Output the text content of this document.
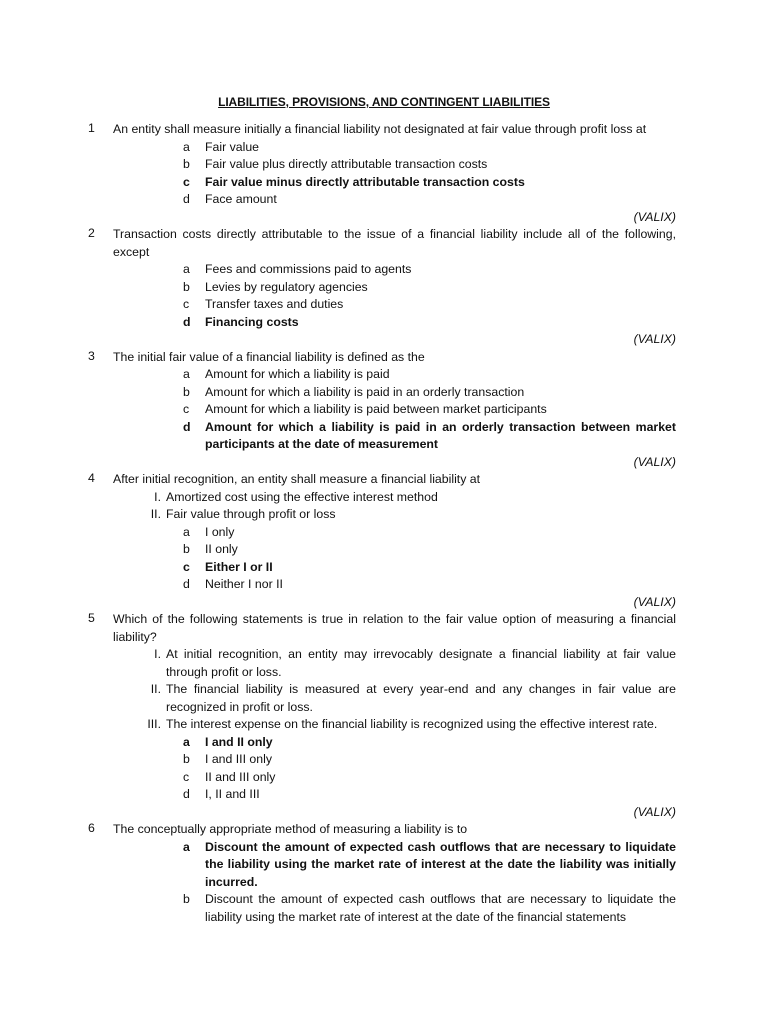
LIABILITIES, PROVISIONS, AND CONTINGENT LIABILITIES
1 An entity shall measure initially a financial liability not designated at fair value through profit loss at
a Fair value
b Fair value plus directly attributable transaction costs
c Fair value minus directly attributable transaction costs
d Face amount
(VALIX)
2 Transaction costs directly attributable to the issue of a financial liability include all of the following, except
a Fees and commissions paid to agents
b Levies by regulatory agencies
c Transfer taxes and duties
d Financing costs
(VALIX)
3 The initial fair value of a financial liability is defined as the
a Amount for which a liability is paid
b Amount for which a liability is paid in an orderly transaction
c Amount for which a liability is paid between market participants
d Amount for which a liability is paid in an orderly transaction between market participants at the date of measurement
(VALIX)
4 After initial recognition, an entity shall measure a financial liability at
I. Amortized cost using the effective interest method
II. Fair value through profit or loss
a I only
b II only
c Either I or II
d Neither I nor II
(VALIX)
5 Which of the following statements is true in relation to the fair value option of measuring a financial liability?
I. At initial recognition, an entity may irrevocably designate a financial liability at fair value through profit or loss.
II. The financial liability is measured at every year-end and any changes in fair value are recognized in profit or loss.
III. The interest expense on the financial liability is recognized using the effective interest rate.
a I and II only
b I and III only
c II and III only
d I, II and III
(VALIX)
6 The conceptually appropriate method of measuring a liability is to
a Discount the amount of expected cash outflows that are necessary to liquidate the liability using the market rate of interest at the date the liability was initially incurred.
b Discount the amount of expected cash outflows that are necessary to liquidate the liability using the market rate of interest at the date of the financial statements
